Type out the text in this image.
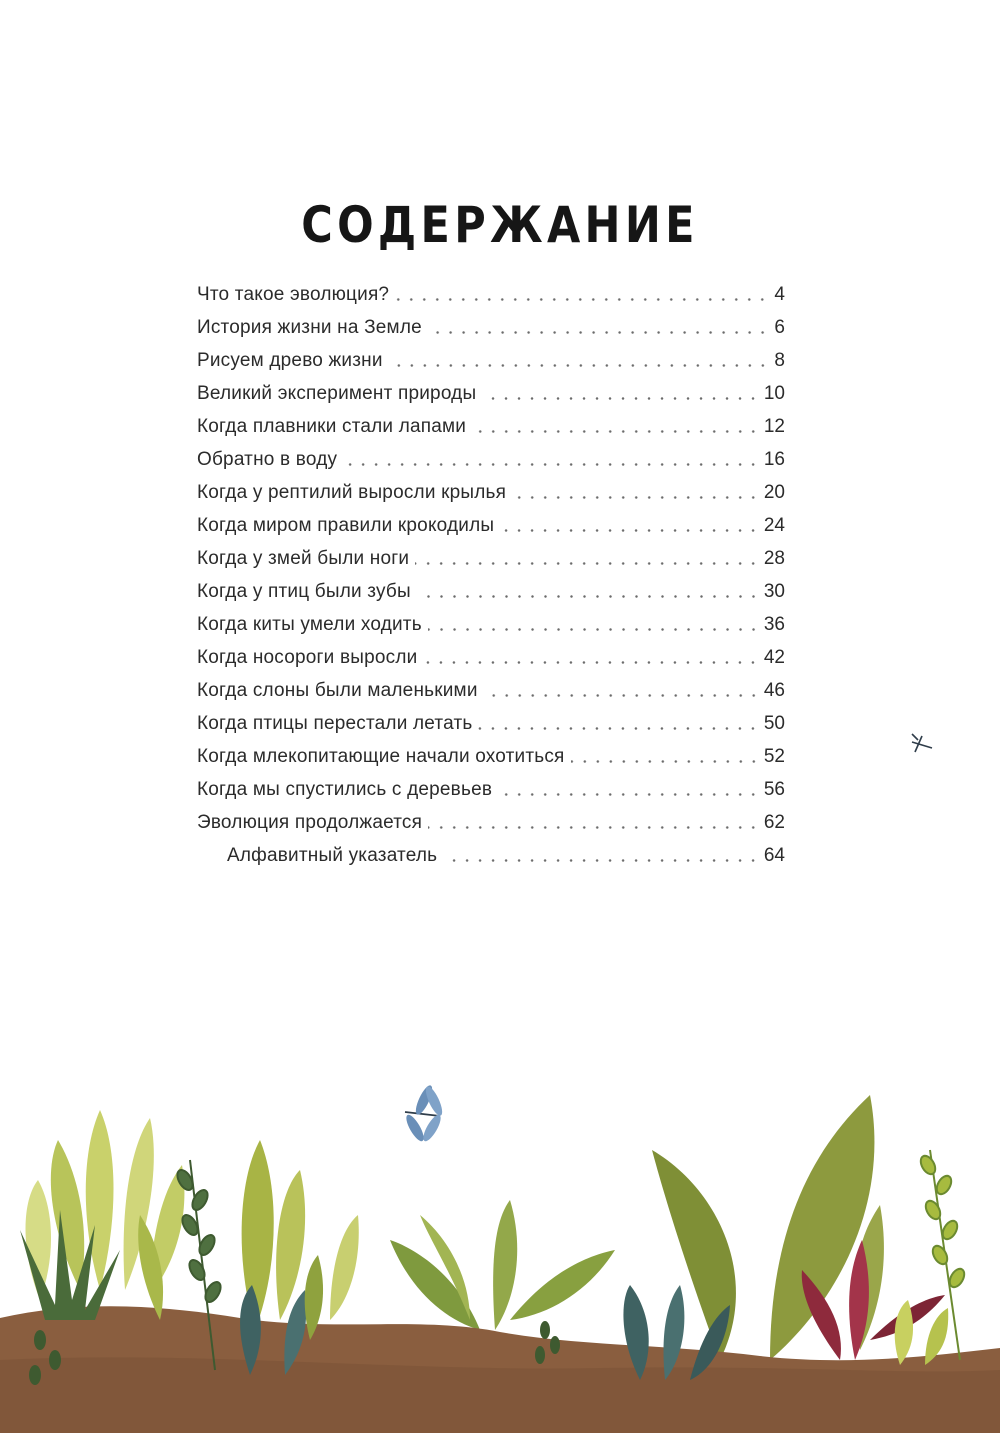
СОДЕРЖАНИЕ
Что такое эволюция?	4
История жизни на Земле	6
Рисуем древо жизни	8
Великий эксперимент природы	10
Когда плавники стали лапами	12
Обратно в воду	16
Когда у рептилий выросли крылья	20
Когда миром правили крокодилы	24
Когда у змей были ноги	28
Когда у птиц были зубы	30
Когда киты умели ходить	36
Когда носороги выросли	42
Когда слоны были маленькими	46
Когда птицы перестали летать	50
Когда млекопитающие начали охотиться	52
Когда мы спустились с деревьев	56
Эволюция продолжается	62
Алфавитный указатель	64
